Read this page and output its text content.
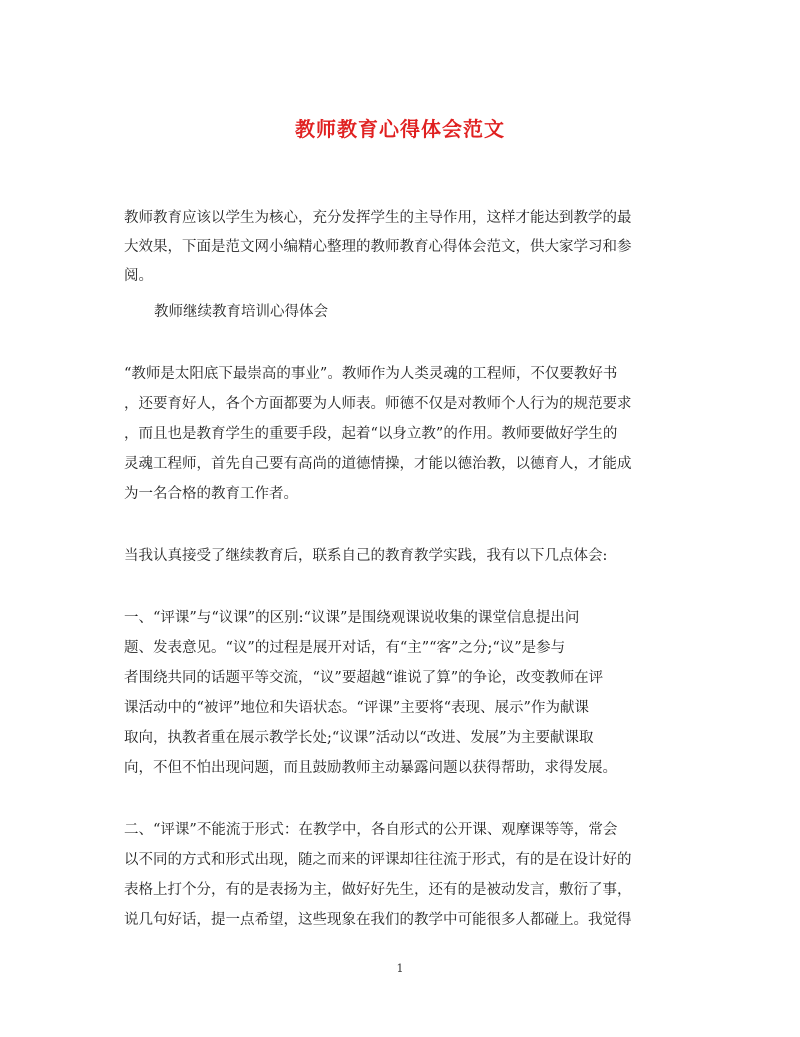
教师教育心得体会范文
教师教育应该以学生为核心，充分发挥学生的主导作用，这样才能达到教学的最
大效果，下面是范文网小编精心整理的教师教育心得体会范文，供大家学习和参
阅。
教师继续教育培训心得体会
“教师是太阳底下最崇高的事业”。教师作为人类灵魂的工程师，不仅要教好书
，还要育好人，各个方面都要为人师表。师德不仅是对教师个人行为的规范要求
，而且也是教育学生的重要手段，起着“以身立教”的作用。教师要做好学生的
灵魂工程师，首先自己要有高尚的道德情操，才能以德治教，以德育人，才能成
为一名合格的教育工作者。
当我认真接受了继续教育后，联系自己的教育教学实践，我有以下几点体会:
一、“评课”与“议课”的区别:“议课”是围绕观课说收集的课堂信息提出问
题、发表意见。“议”的过程是展开对话，有“主”“客”之分;“议”是参与
者围绕共同的话题平等交流，“议”要超越“谁说了算”的争论，改变教师在评
课活动中的“被评”地位和失语状态。“评课”主要将“表现、展示”作为献课
取向，执教者重在展示教学长处;“议课”活动以“改进、发展”为主要献课取
向，不但不怕出现问题，而且鼓励教师主动暴露问题以获得帮助，求得发展。
二、“评课”不能流于形式：在教学中，各自形式的公开课、观摩课等等，常会
以不同的方式和形式出现，随之而来的评课却往往流于形式，有的是在设计好的
表格上打个分，有的是表扬为主，做好好先生，还有的是被动发言，敷衍了事，
说几句好话，提一点希望，这些现象在我们的教学中可能很多人都碰上。我觉得
1
